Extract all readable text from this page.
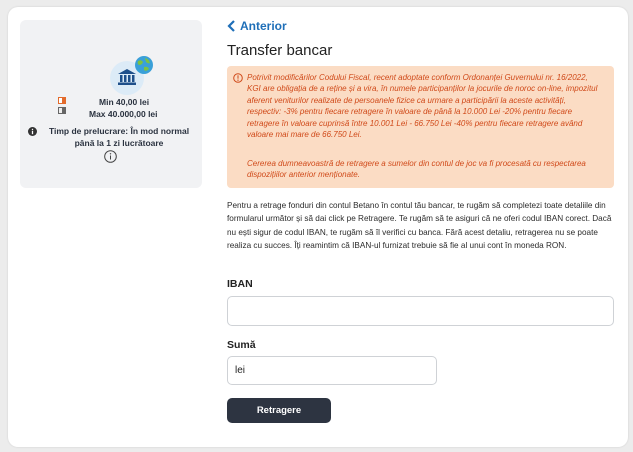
Min 40,00 lei
Max 40.000,00 lei
Timp de prelucrare: În mod normal până la 1 zi lucrătoare
Anterior
Transfer bancar

Potrivit modificărilor Codului Fiscal, recent adoptate conform Ordonanței Guvernului nr. 16/2022, KGI are obligația de a reține și a vira, în numele participanților la jocurile de noroc on-line, impozitul aferent veniturilor realizate de persoanele fizice ca urmare a participării la aceste activități, respectiv: -3% pentru fiecare retragere în valoare de până la 10.000 Lei -20% pentru fiecare retragere în valoare cuprinsă între 10.001 Lei - 66.750 Lei -40% pentru fiecare retragere având valoare mai mare de 66.750 Lei.

Cererea dumneavoastră de retragere a sumelor din contul de joc va fi procesată cu respectarea dispozițiilor anterior menționate.

Pentru a retrage fonduri din contul Betano în contul tău bancar, te rugăm să completezi toate detaliile din formularul următor și să dai click pe Retragere. Te rugăm să te asiguri că ne oferi codul IBAN corect. Dacă nu ești sigur de codul IBAN, te rugăm să îl verifici cu banca. Fără acest detaliu, retragerea nu se poate realiza cu succes. Îți reamintim că IBAN-ul furnizat trebuie să fie al unui cont în moneda RON.

IBAN
Sumă
lei
Retragere
